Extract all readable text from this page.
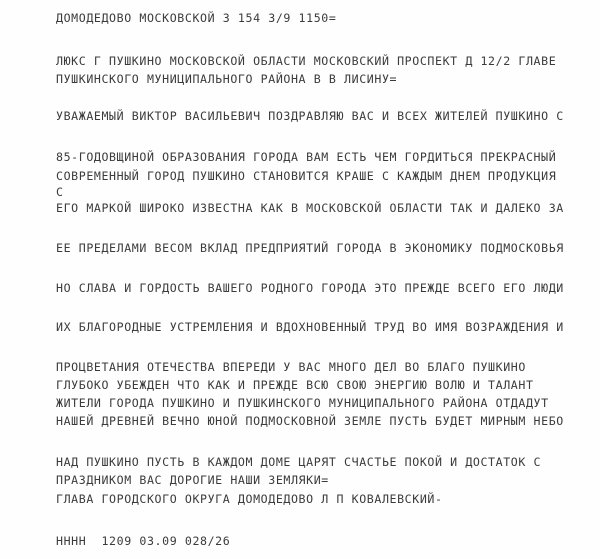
ДОМОДЕДОВО МОСКОВСКОЙ 3 154 3/9 1150=
ЛЮКС Г ПУШКИНО МОСКОВСКОЙ ОБЛАСТИ МОСКОВСКИЙ ПРОСПЕКТ Д 12/2 ГЛАВЕ
ПУШКИНСКОГО МУНИЦИПАЛЬНОГО РАЙОНА В В ЛИСИНУ=
УВАЖАЕМЫЙ ВИКТОР ВАСИЛЬЕВИЧ ПОЗДРАВЛЯЮ ВАС И ВСЕХ ЖИТЕЛЕЙ ПУШКИНО С
85-ГОДОВЩИНОЙ ОБРАЗОВАНИЯ ГОРОДА ВАМ ЕСТЬ ЧЕМ ГОРДИТЬСЯ ПРЕКРАСНЫЙ
СОВРЕМЕННЫЙ ГОРОД ПУШКИНО СТАНОВИТСЯ КРАШЕ С КАЖДЫМ ДНЕМ ПРОДУКЦИЯ
С
ЕГО МАРКОЙ ШИРОКО ИЗВЕСТНА КАК В МОСКОВСКОЙ ОБЛАСТИ ТАК И ДАЛЕКО ЗА
ЕЕ ПРЕДЕЛАМИ ВЕСОМ ВКЛАД ПРЕДПРИЯТИЙ ГОРОДА В ЭКОНОМИКУ ПОДМОСКОВЬЯ
НО СЛАВА И ГОРДОСТЬ ВАШЕГО РОДНОГО ГОРОДА ЭТО ПРЕЖДЕ ВСЕГО ЕГО ЛЮДИ
ИХ БЛАГОРОДНЫЕ УСТРЕМЛЕНИЯ И ВДОХНОВЕННЫЙ ТРУД ВО ИМЯ ВОЗРАЖДЕНИЯ И
ПРОЦВЕТАНИЯ ОТЕЧЕСТВА ВПЕРЕДИ У ВАС МНОГО ДЕЛ ВО БЛАГО ПУШКИНО
ГЛУБОКО УБЕЖДЕН ЧТО КАК И ПРЕЖДЕ ВСЮ СВОЮ ЭНЕРГИЮ ВОЛЮ И ТАЛАНТ
ЖИТЕЛИ ГОРОДА ПУШКИНО И ПУШКИНСКОГО МУНИЦИПАЛЬНОГО РАЙОНА ОТДАДУТ
НАШЕЙ ДРЕВНЕЙ ВЕЧНО ЮНОЙ ПОДМОСКОВНОЙ ЗЕМЛЕ ПУСТЬ БУДЕТ МИРНЫМ НЕБО
НАД ПУШКИНО ПУСТЬ В КАЖДОМ ДОМЕ ЦАРЯТ СЧАСТЬЕ ПОКОЙ И ДОСТАТОК С
ПРАЗДНИКОМ ВАС ДОРОГИЕ НАШИ ЗЕМЛЯКИ=
ГЛАВА ГОРОДСКОГО ОКРУГА ДОМОДЕДОВО Л П КОВАЛЕВСКИЙ-
НННН  1209 03.09 028/26
